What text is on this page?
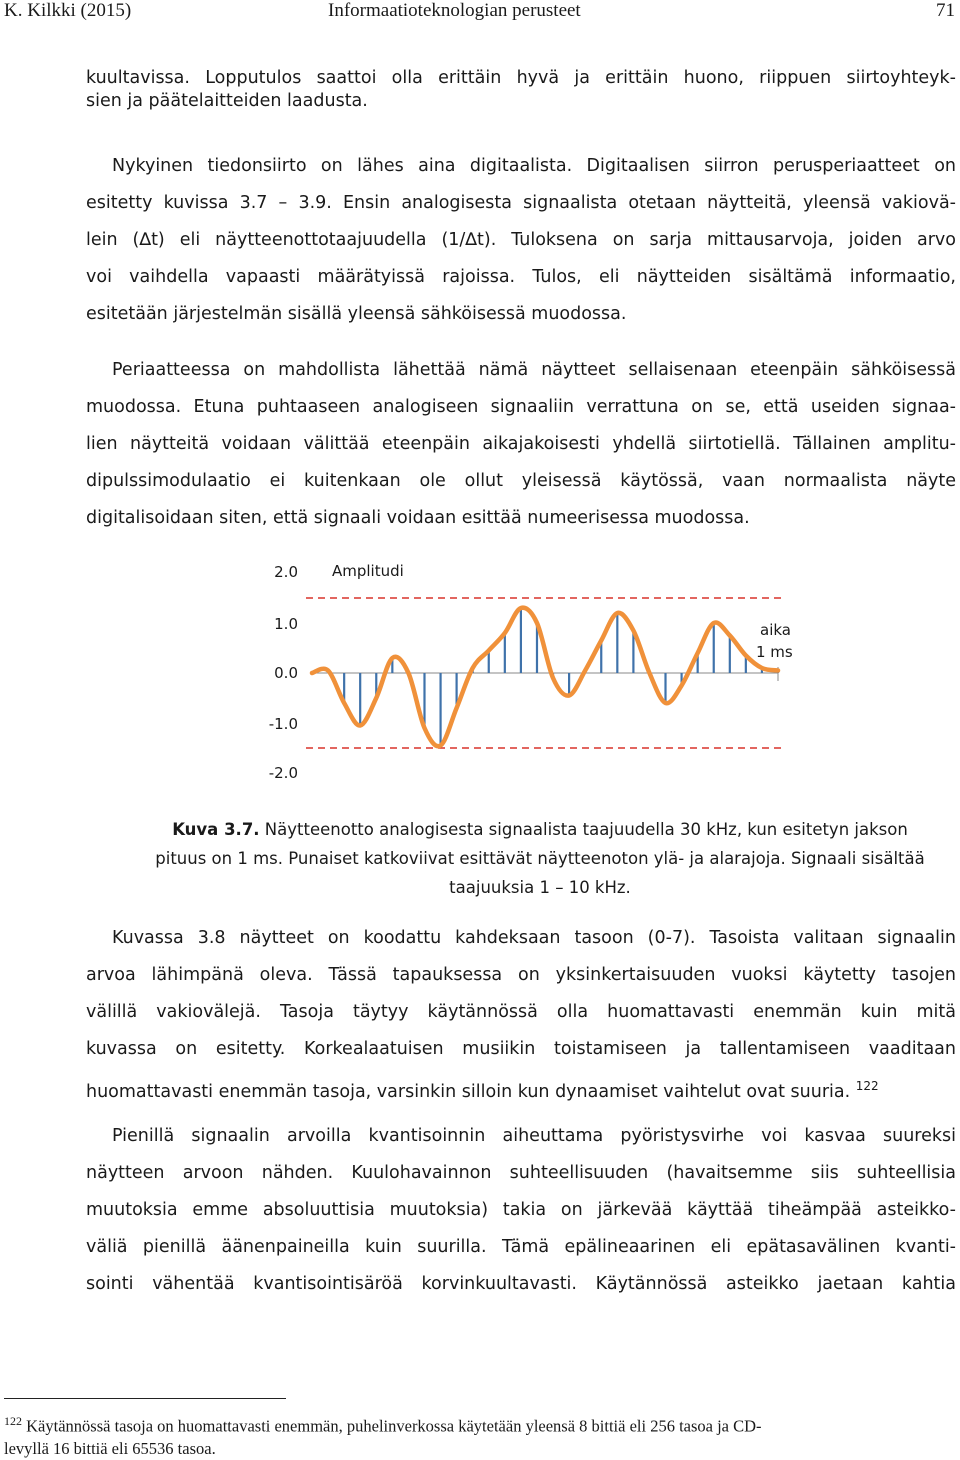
K. Kilkki (2015)	Informaatioteknologian perusteet	71
kuultavissa. Lopputulos saattoi olla erittäin hyvä ja erittäin huono, riippuen siirtoyhteyk-
sien ja päätelaitteiden laadusta.
Nykyinen tiedonsiirto on lähes aina digitaalista. Digitaalisen siirron perusperiaatteet on
esitetty kuvissa 3.7 – 3.9. Ensin analogisesta signaalista otetaan näytteitä, yleensä vakiovä-
lein (∆t) eli näytteenottotaajuudella (1/∆t). Tuloksena on sarja mittausarvoja, joiden arvo
voi vaihdella vapaasti määrätyissä rajoissa. Tulos, eli näytteiden sisältämä informaatio,
esitetään järjestelmän sisällä yleensä sähköisessä muodossa.
Periaatteessa on mahdollista lähettää nämä näytteet sellaisenaan eteenpäin sähköisessä
muodossa. Etuna puhtaaseen analogiseen signaaliin verrattuna on se, että useiden signaa-
lien näytteitä voidaan välittää eteenpäin aikajakoisesti yhdellä siirtotiellä. Tällainen amplitu-
dipulssimodulaatio ei kuitenkaan ole ollut yleisessä käytössä, vaan normaalista näyte
digitalisoidaan siten, että signaali voidaan esittää numeerisessa muodossa.
2.0
1.0
0.0
-1.0
-2.0
Amplitudi
aika
1 ms
Kuva 3.7. Näytteenotto analogisesta signaalista taajuudella 30 kHz, kun esitetyn jakson
pituus on 1 ms. Punaiset katkoviivat esittävät näytteenoton ylä- ja alarajoja. Signaali sisältää
taajuuksia 1 – 10 kHz.
Kuvassa 3.8 näytteet on koodattu kahdeksaan tasoon (0-7). Tasoista valitaan signaalin
arvoa lähimpänä oleva. Tässä tapauksessa on yksinkertaisuuden vuoksi käytetty tasojen
välillä vakiovälejä. Tasoja täytyy käytännössä olla huomattavasti enemmän kuin mitä
kuvassa on esitetty. Korkealaatuisen musiikin toistamiseen ja tallentamiseen vaaditaan
huomattavasti enemmän tasoja, varsinkin silloin kun dynaamiset vaihtelut ovat suuria. $^{122}$
Pienillä signaalin arvoilla kvantisoinnin aiheuttama pyöristysvirhe voi kasvaa suureksi
näytteen arvoon nähden. Kuulohavainnon suhteellisuuden (havaitsemme siis suhteellisia
muutoksia emme absoluuttisia muutoksia) takia on järkevää käyttää tiheämpää asteikko-
väliä pienillä äänenpaineilla kuin suurilla. Tämä epälineaarinen eli epätasavälinen kvanti-
sointi vähentää kvantisointisäröä korvinkuultavasti. Käytännössä asteikko jaetaan kahtia
$^{122}$ Käytännössä tasoja on huomattavasti enemmän, puhelinverkossa käytetään yleensä 8 bittiä eli 256 tasoa ja CD-
levyllä 16 bittiä eli 65536 tasoa.
